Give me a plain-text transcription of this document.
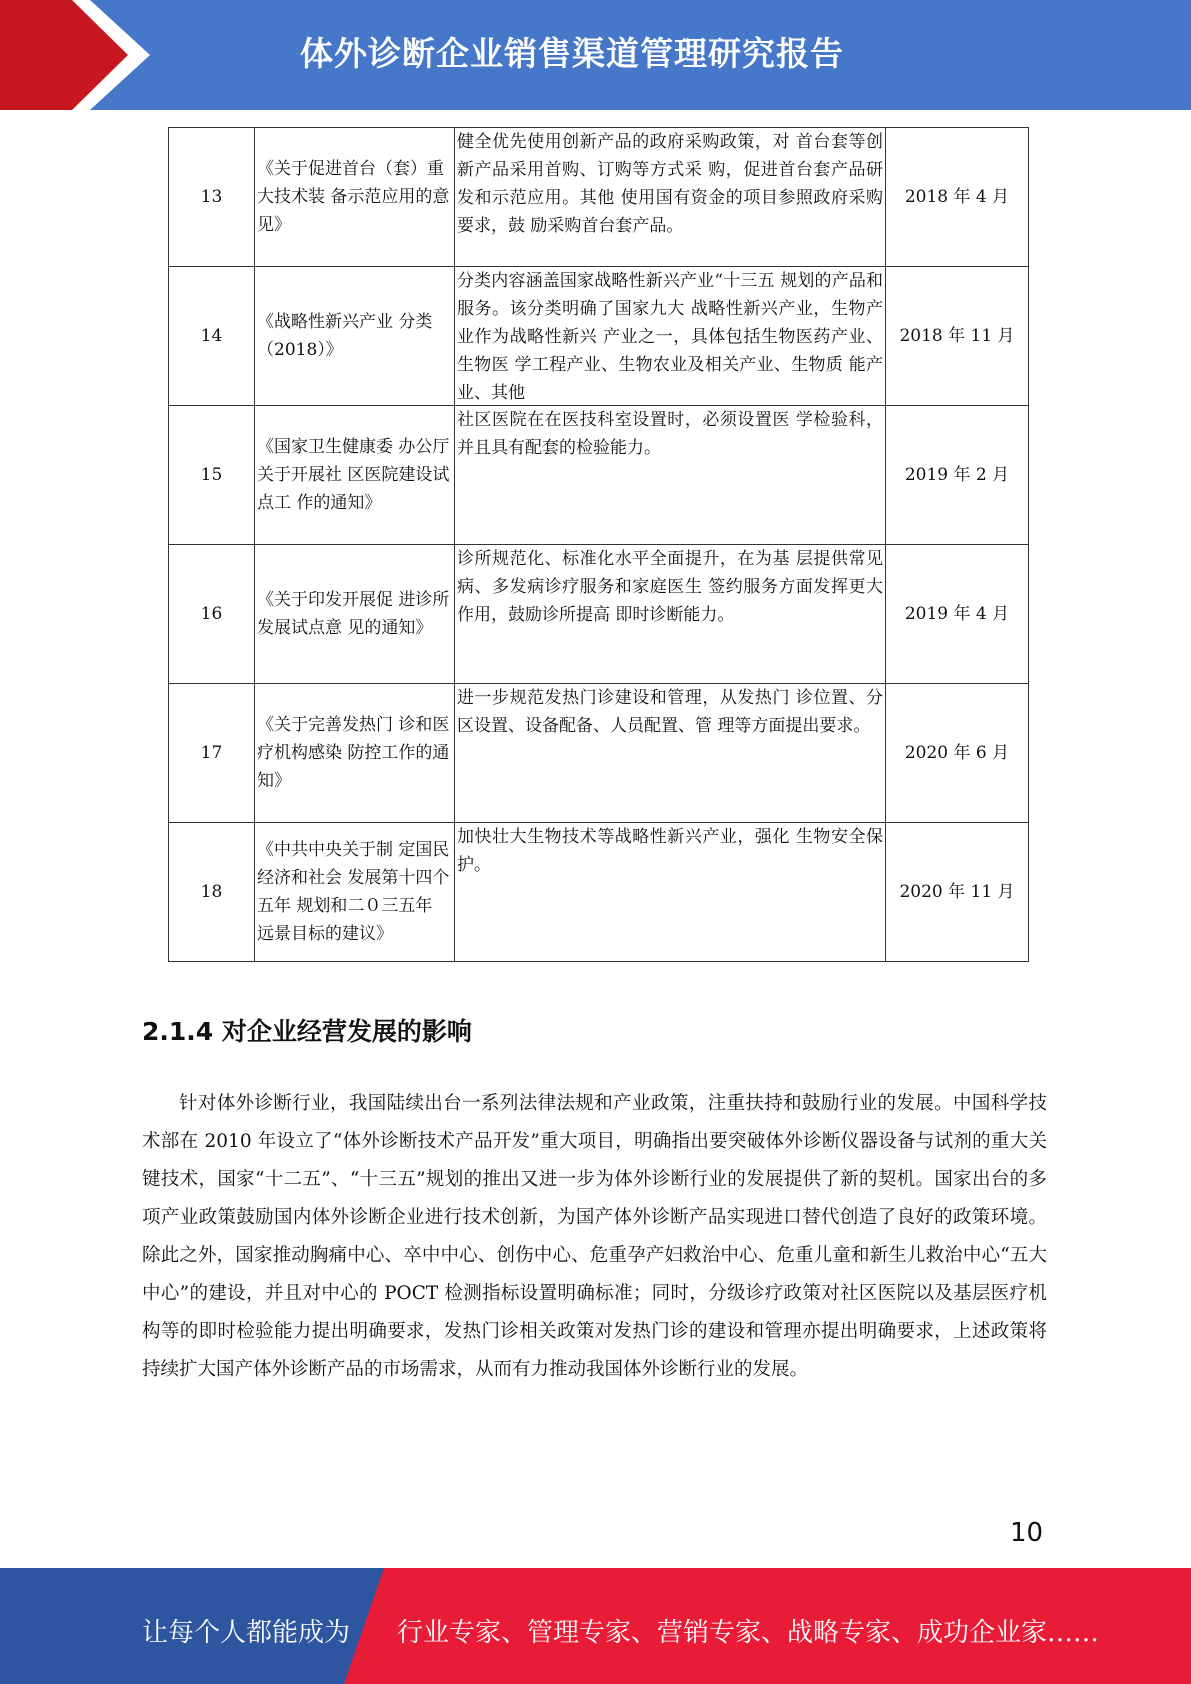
体外诊断企业销售渠道管理研究报告
13	《关于促进首台（套）重大技术装 备示范应用的意 见》	健全优先使用创新产品的政府采购政策，对 首台套等创新产品采用首购、订购等方式采 购，促进首台套产品研发和示范应用。其他 使用国有资金的项目参照政府采购要求，鼓 励采购首台套产品。	2018 年 4 月
14	《战略性新兴产业 分类（2018）》	分类内容涵盖国家战略性新兴产业“十三五 规划的产品和服务。该分类明确了国家九大 战略性新兴产业，生物产业作为战略性新兴 产业之一，具体包括生物医药产业、生物医 学工程产业、生物农业及相关产业、生物质 能产业、其他	2018 年 11 月
15	《国家卫生健康委 办公厅关于开展社 区医院建设试点工 作的通知》	社区医院在在医技科室设置时，必须设置医 学检验科，并且具有配套的检验能力。	2019 年 2 月
16	《关于印发开展促 进诊所发展试点意 见的通知》	诊所规范化、标准化水平全面提升，在为基 层提供常见病、多发病诊疗服务和家庭医生 签约服务方面发挥更大作用，鼓励诊所提高 即时诊断能力。	2019 年 4 月
17	《关于完善发热门 诊和医疗机构感染 防控工作的通知》	进一步规范发热门诊建设和管理，从发热门 诊位置、分区设置、设备配备、人员配置、管 理等方面提出要求。	2020 年 6 月
18	《中共中央关于制 定国民经济和社会 发展第十四个五年 规划和二０三五年 远景目标的建议》	加快壮大生物技术等战略性新兴产业，强化 生物安全保护。	2020 年 11 月
2.1.4 对企业经营发展的影响
针对体外诊断行业，我国陆续出台一系列法律法规和产业政策，注重扶持和鼓励行业的发展。中国科学技术部在 2010 年设立了“体外诊断技术产品开发”重大项目，明确指出要突破体外诊断仪器设备与试剂的重大关键技术，国家“十二五”、“十三五”规划的推出又进一步为体外诊断行业的发展提供了新的契机。国家出台的多项产业政策鼓励国内体外诊断企业进行技术创新，为国产体外诊断产品实现进口替代创造了良好的政策环境。除此之外，国家推动胸痛中心、卒中中心、创伤中心、危重孕产妇救治中心、危重儿童和新生儿救治中心“五大中心”的建设，并且对中心的 POCT 检测指标设置明确标准；同时，分级诊疗政策对社区医院以及基层医疗机构等的即时检验能力提出明确要求，发热门诊相关政策对发热门诊的建设和管理亦提出明确要求，上述政策将持续扩大国产体外诊断产品的市场需求，从而有力推动我国体外诊断行业的发展。
10
让每个人都能成为 行业专家、管理专家、营销专家、战略专家、成功企业家……
